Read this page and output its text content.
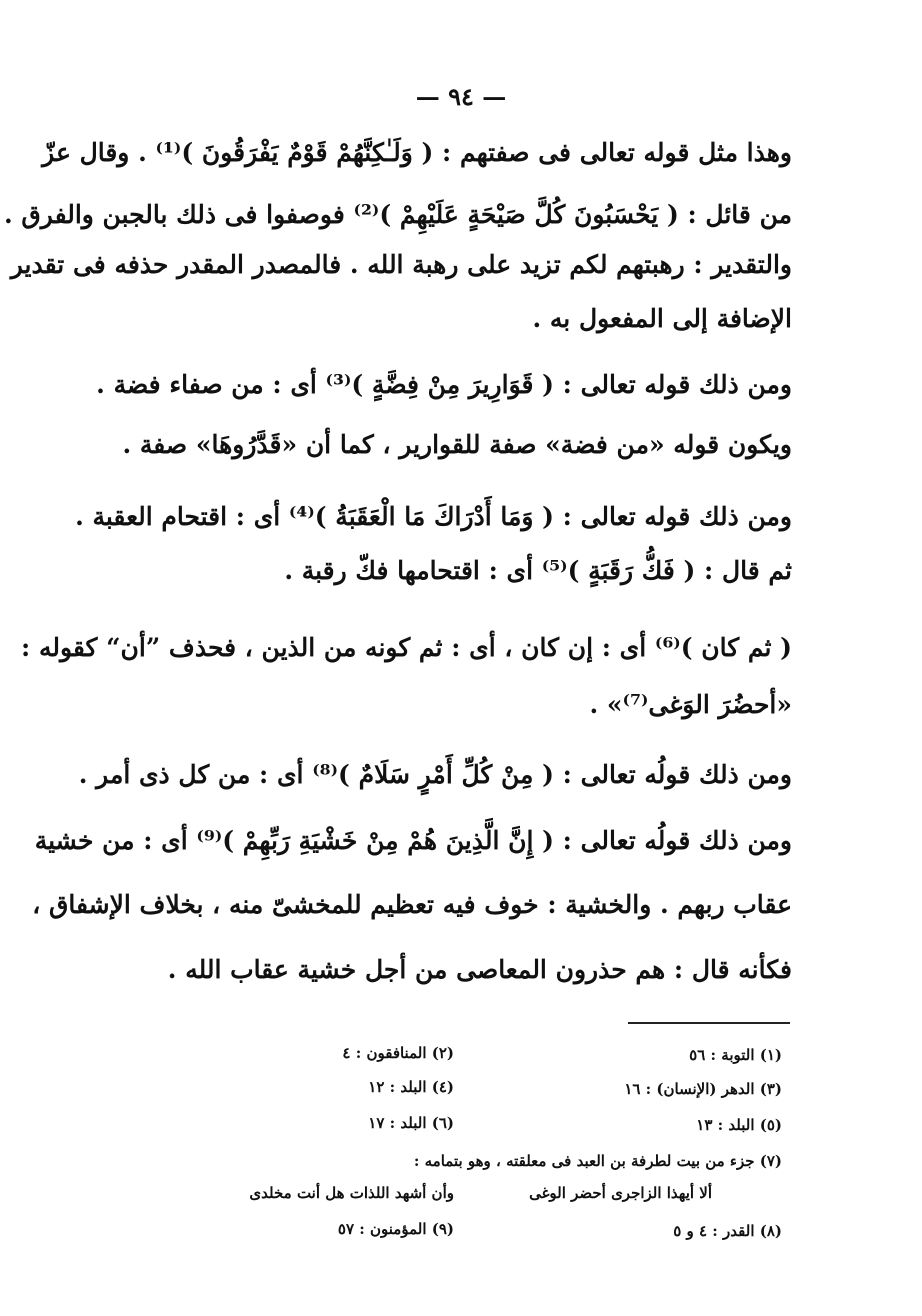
— ٩٤ —
وهذا مثل قوله تعالى فى صفتهم : ( وَلَـٰكِنَّهُمْ قَوْمٌ يَفْرَقُونَ )⁽¹⁾ . وقال عزّ
من قائل : ( يَحْسَبُونَ كُلَّ صَيْحَةٍ عَلَيْهِمْ )⁽²⁾ فوصفوا فى ذلك بالجبن والفرق .
والتقدير : رهبتهم لكم تزيد على رهبة الله . فالمصدر المقدر حذفه فى تقدير
الإضافة إلى المفعول به .
ومن ذلك قوله تعالى : ( قَوَارِيرَ مِنْ فِضَّةٍ )⁽³⁾ أى : من صفاء فضة .
ويكون قوله «من فضة» صفة للقوارير ، كما أن «قَدَّرُوهَا» صفة .
ومن ذلك قوله تعالى : ( وَمَا أَدْرَاكَ مَا الْعَقَبَةُ )⁽⁴⁾ أى : اقتحام العقبة .
ثم قال : ( فَكُّ رَقَبَةٍ )⁽⁵⁾ أى : اقتحامها فكّ رقبة .
( ثم كان )⁽⁶⁾ أى : إن كان ، أى : ثم كونه من الذين ، فحذف ”أن“ كقوله :
«أحضُرَ الوَغى⁽⁷⁾» .
ومن ذلك قولُه تعالى : ( مِنْ كُلِّ أَمْرٍ سَلَامٌ )⁽⁸⁾ أى : من كل ذى أمر .
ومن ذلك قولُه تعالى : ( إِنَّ الَّذِينَ هُمْ مِنْ خَشْيَةِ رَبِّهِمْ )⁽⁹⁾ أى : من خشية
عقاب ربهم . والخشية : خوف فيه تعظيم للمخشىّ منه ، بخلاف الإشفاق ،
فكأنه قال : هم حذرون المعاصى من أجل خشية عقاب الله .
(١) التوبة : ٥٦
(٢) المنافقون : ٤
(٣) الدهر (الإنسان) : ١٦
(٤) البلد : ١٢
(٥) البلد : ١٣
(٦) البلد : ١٧
(٧) جزء من بيت لطرفة بن العبد فى معلقته ، وهو بتمامه :
ألا أيهذا الزاجرى أحضر الوغى
وأن أشهد اللذات هل أنت مخلدى
(٨) القدر : ٤ و ٥
(٩) المؤمنون : ٥٧
